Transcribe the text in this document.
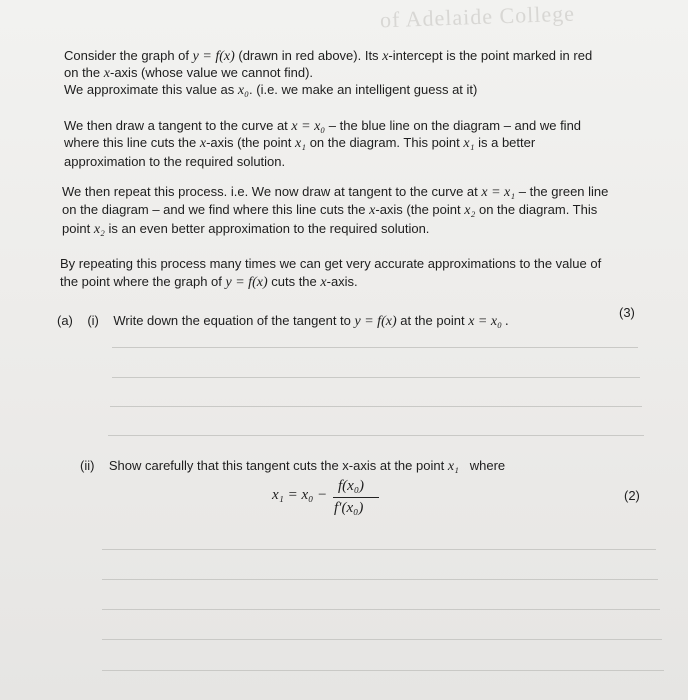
of Adelaide College
Consider the graph of y = f(x) (drawn in red above). Its x-intercept is the point marked in red
on the x-axis (whose value we cannot find).
We approximate this value as x₀. (i.e. we make an intelligent guess at it)
We then draw a tangent to the curve at x = x₀ – the blue line on the diagram – and we find
where this line cuts the x-axis (the point x₁ on the diagram. This point x₁ is a better
approximation to the required solution.
We then repeat this process. i.e. We now draw at tangent to the curve at x = x₁ – the green line
on the diagram – and we find where this line cuts the x-axis (the point x₂ on the diagram. This
point x₂ is an even better approximation to the required solution.
By repeating this process many times we can get very accurate approximations to the value of
the point where the graph of y = f(x) cuts the x-axis.
(a) (i) Write down the equation of the tangent to y = f(x) at the point x = x₀ .
(3)
(ii) Show carefully that this tangent cuts the x-axis at the point x₁ where
x₁ = x₀ −
f(x₀)
f′(x₀)
(2)
